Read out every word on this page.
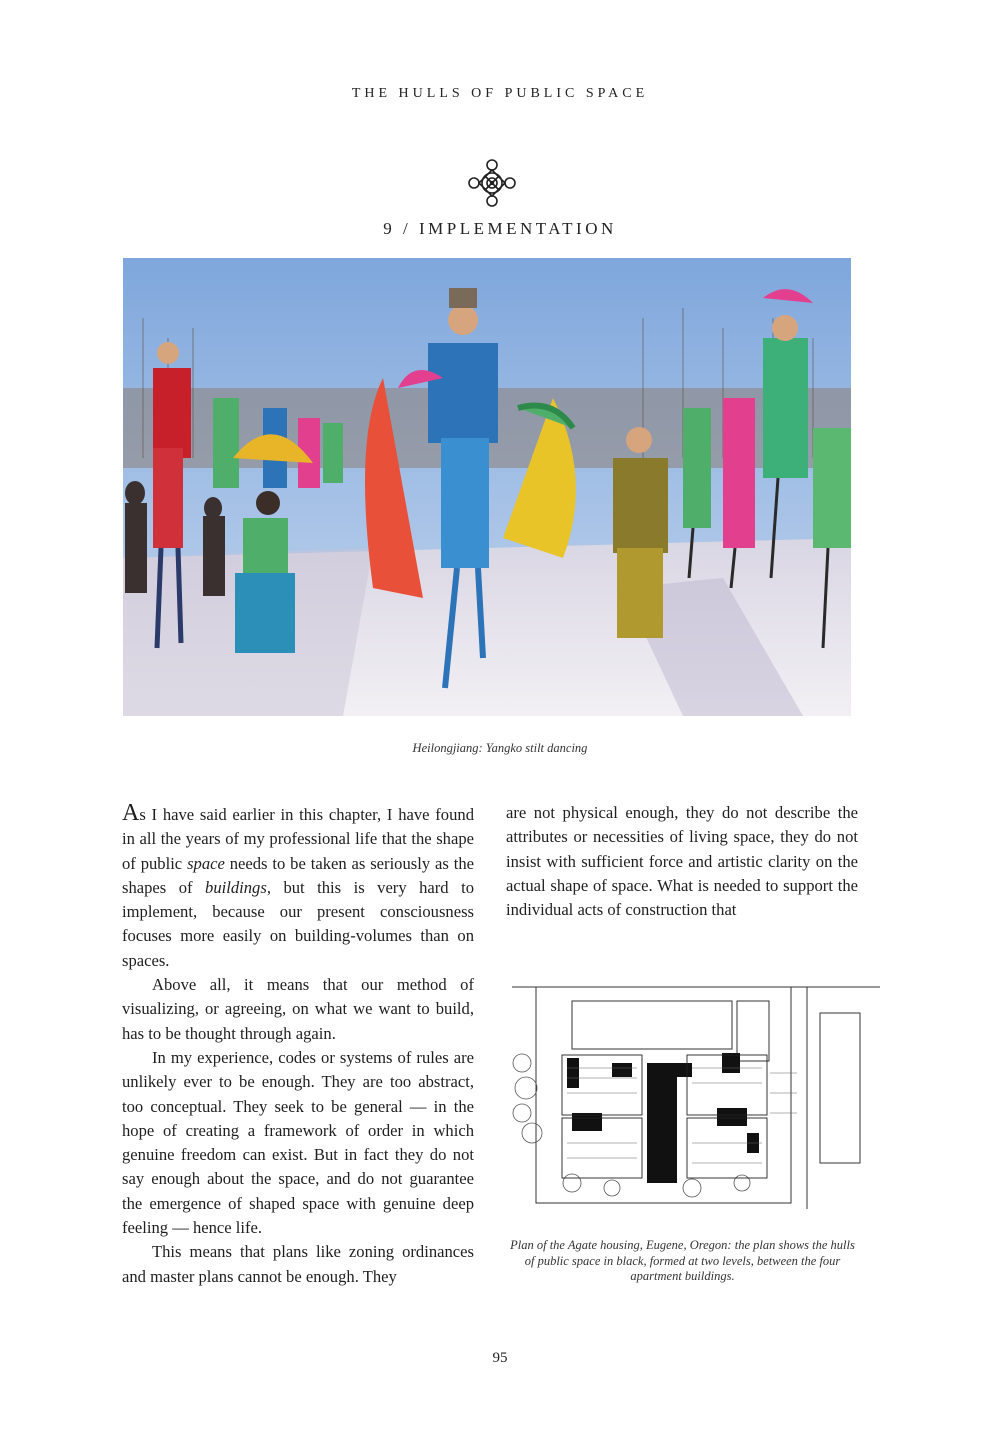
THE HULLS OF PUBLIC SPACE
9 / IMPLEMENTATION
Heilongjiang: Yangko stilt dancing

As I have said earlier in this chapter, I have found in all the years of my professional life that the shape of public space needs to be taken as seriously as the shapes of buildings, but this is very hard to implement, because our present consciousness focuses more easily on building-volumes than on spaces.

Above all, it means that our method of visualizing, or agreeing, on what we want to build, has to be thought through again.

In my experience, codes or systems of rules are unlikely ever to be enough. They are too abstract, too conceptual. They seek to be general — in the hope of creating a framework of order in which genuine freedom can exist. But in fact they do not say enough about the space, and do not guarantee the emergence of shaped space with genuine deep feeling — hence life.

This means that plans like zoning ordinances and master plans cannot be enough. They

are not physical enough, they do not describe the attributes or necessities of living space, they do not insist with sufficient force and artistic clarity on the actual shape of space. What is needed to support the individual acts of construction that

Plan of the Agate housing, Eugene, Oregon: the plan shows the hulls of public space in black, formed at two levels, between the four apartment buildings.
95
